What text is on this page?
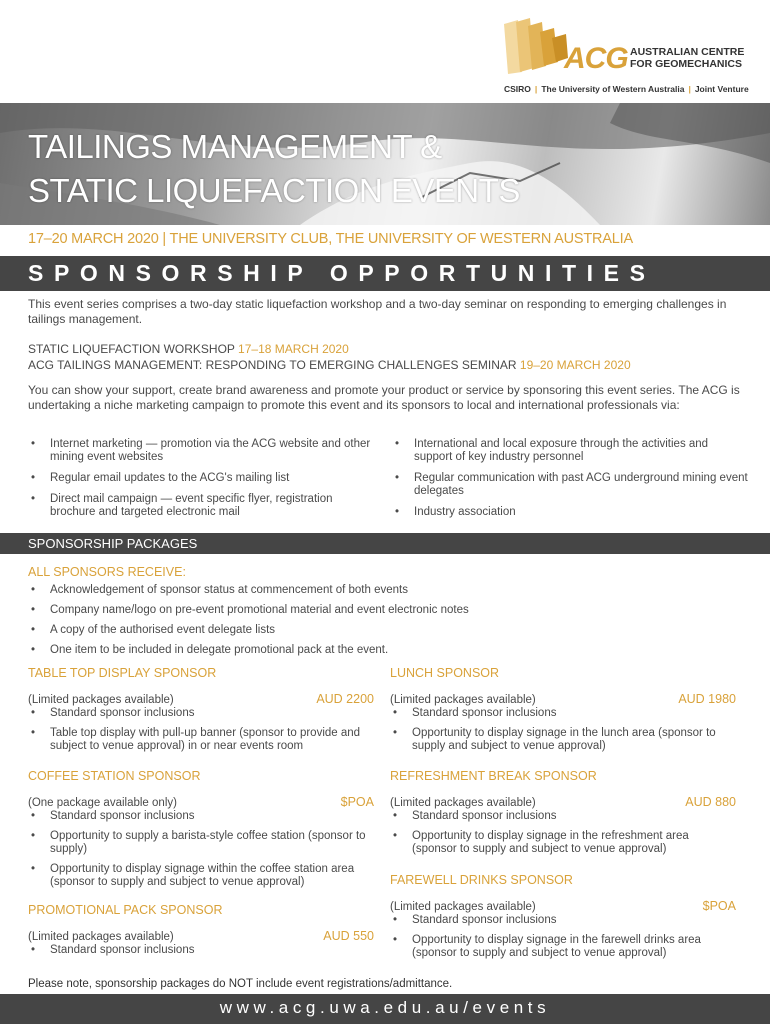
ACG AUSTRALIAN CENTRE
FOR GEOMECHANICS
CSIRO | The University of Western Australia | Joint Venture
TAILINGS MANAGEMENT &
STATIC LIQUEFACTION EVENTS
17–20 MARCH 2020 | THE UNIVERSITY CLUB, THE UNIVERSITY OF WESTERN AUSTRALIA
SPONSORSHIP OPPORTUNITIES
This event series comprises a two-day static liquefaction workshop and a two-day seminar on responding to emerging challenges in tailings management.
STATIC LIQUEFACTION WORKSHOP 17–18 MARCH 2020
ACG TAILINGS MANAGEMENT: RESPONDING TO EMERGING CHALLENGES SEMINAR 19–20 MARCH 2020
You can show your support, create brand awareness and promote your product or service by sponsoring this event series. The ACG is undertaking a niche marketing campaign to promote this event and its sponsors to local and international professionals via:
• Internet marketing — promotion via the ACG website and other mining event websites
• Regular email updates to the ACG's mailing list
• Direct mail campaign — event specific flyer, registration brochure and targeted electronic mail
• International and local exposure through the activities and support of key industry personnel
• Regular communication with past ACG underground mining event delegates
• Industry association
SPONSORSHIP PACKAGES
ALL SPONSORS RECEIVE:
• Acknowledgement of sponsor status at commencement of both events
• Company name/logo on pre-event promotional material and event electronic notes
• A copy of the authorised event delegate lists
• One item to be included in delegate promotional pack at the event.
TABLE TOP DISPLAY SPONSOR
(Limited packages available)	AUD 2200
• Standard sponsor inclusions
• Table top display with pull-up banner (sponsor to provide and subject to venue approval) in or near events room
COFFEE STATION SPONSOR
(One package available only)	$POA
• Standard sponsor inclusions
• Opportunity to supply a barista-style coffee station (sponsor to supply)
• Opportunity to display signage within the coffee station area (sponsor to supply and subject to venue approval)
PROMOTIONAL PACK SPONSOR
(Limited packages available)	AUD 550
• Standard sponsor inclusions
LUNCH SPONSOR
(Limited packages available)	AUD 1980
• Standard sponsor inclusions
• Opportunity to display signage in the lunch area (sponsor to supply and subject to venue approval)
REFRESHMENT BREAK SPONSOR
(Limited packages available)	AUD 880
• Standard sponsor inclusions
• Opportunity to display signage in the refreshment area (sponsor to supply and subject to venue approval)
FAREWELL DRINKS SPONSOR
(Limited packages available)	$POA
• Standard sponsor inclusions
• Opportunity to display signage in the farewell drinks area (sponsor to supply and subject to venue approval)
Please note, sponsorship packages do NOT include event registrations/admittance.
www.acg.uwa.edu.au/events
